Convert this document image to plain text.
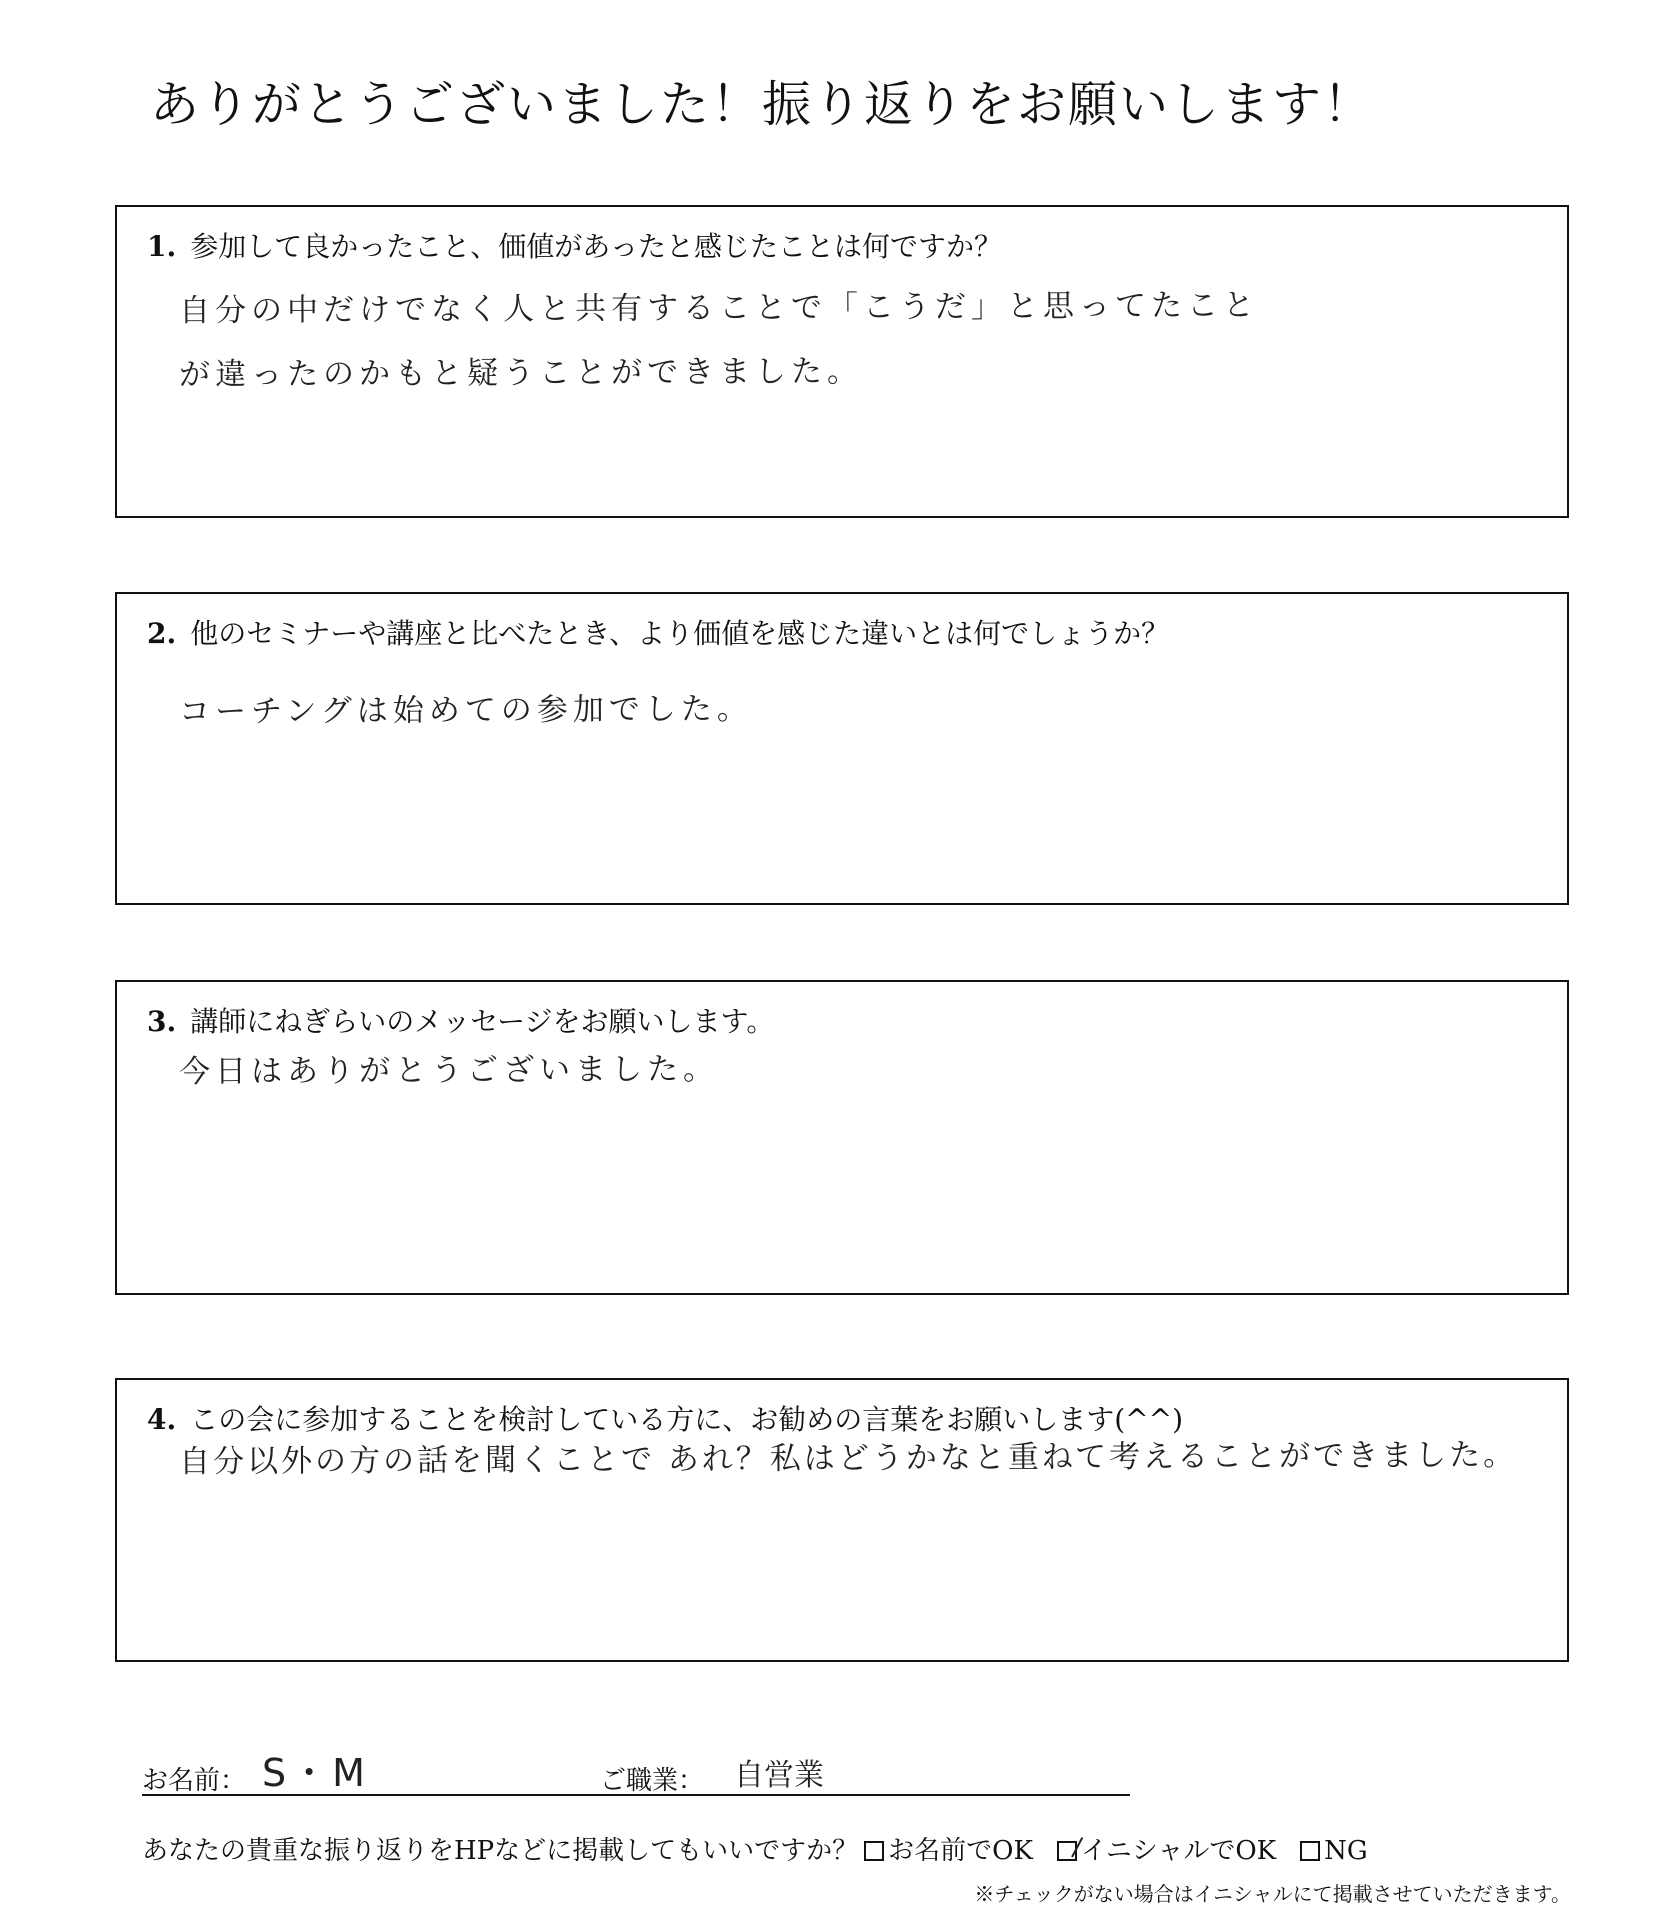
ありがとうございました！振り返りをお願いします！
1. 参加して良かったこと、価値があったと感じたことは何ですか？
自分の中だけでなく人と共有することで「こうだ」と思ってたこと
が違ったのかもと疑うことができました。
2. 他のセミナーや講座と比べたとき、より価値を感じた違いとは何でしょうか？
コーチングは始めての参加でした。
3. 講師にねぎらいのメッセージをお願いします。
今日はありがとうございました。
4. この会に参加することを検討している方に、お勧めの言葉をお願いします(^^)
自分以外の方の話を聞くことで あれ？私はどうかなと重ねて考えることができました。
お名前： S・M	ご職業： 自営業
あなたの貴重な振り返りをHPなどに掲載してもいいですか？ お名前でOK イニシャルでOK NG
※チェックがない場合はイニシャルにて掲載させていただきます。
